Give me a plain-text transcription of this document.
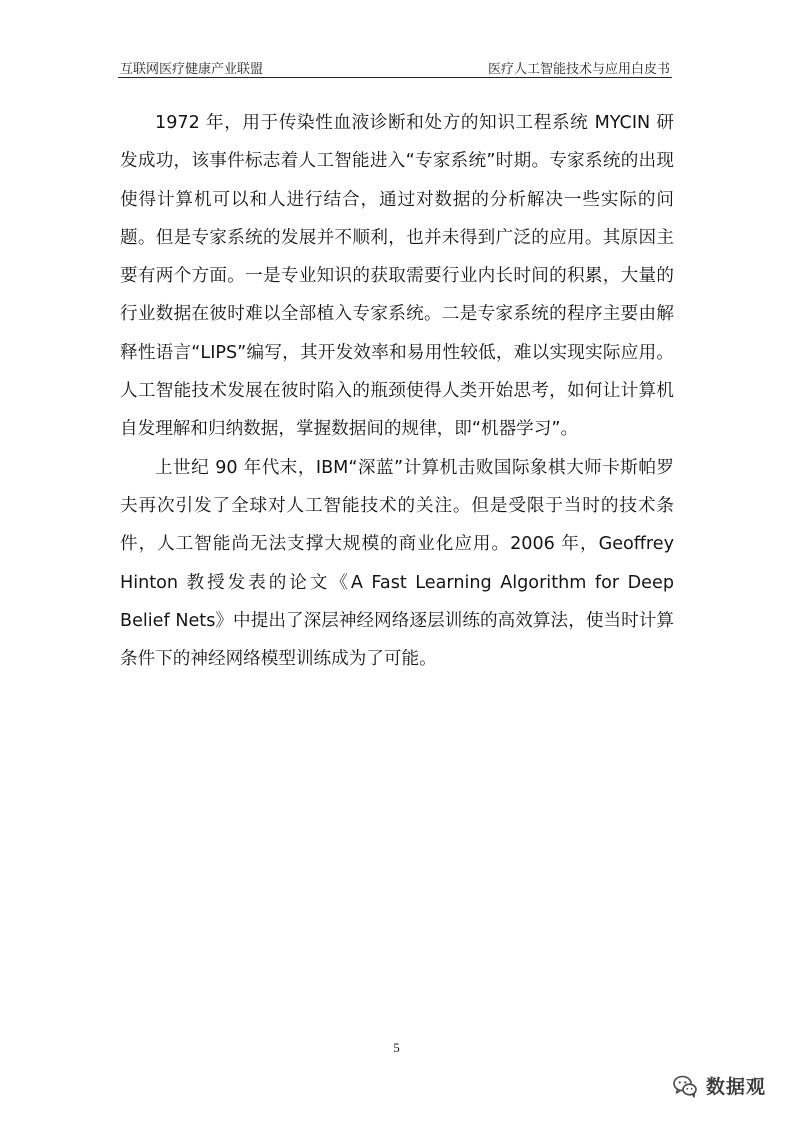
互联网医疗健康产业联盟	医疗人工智能技术与应用白皮书

1972 年，用于传染性血液诊断和处方的知识工程系统 MYCIN 研发成功，该事件标志着人工智能进入“专家系统”时期。专家系统的出现使得计算机可以和人进行结合，通过对数据的分析解决一些实际的问题。但是专家系统的发展并不顺利，也并未得到广泛的应用。其原因主要有两个方面。一是专业知识的获取需要行业内长时间的积累，大量的行业数据在彼时难以全部植入专家系统。二是专家系统的程序主要由解释性语言“LIPS”编写，其开发效率和易用性较低，难以实现实际应用。人工智能技术发展在彼时陷入的瓶颈使得人类开始思考，如何让计算机自发理解和归纳数据，掌握数据间的规律，即“机器学习”。

上世纪 90 年代末，IBM“深蓝”计算机击败国际象棋大师卡斯帕罗夫再次引发了全球对人工智能技术的关注。但是受限于当时的技术条件，人工智能尚无法支撑大规模的商业化应用。2006 年，Geoffrey Hinton 教授发表的论文《A Fast Learning Algorithm for Deep Belief Nets》中提出了深层神经网络逐层训练的高效算法，使当时计算条件下的神经网络模型训练成为了可能。

5
数据观
